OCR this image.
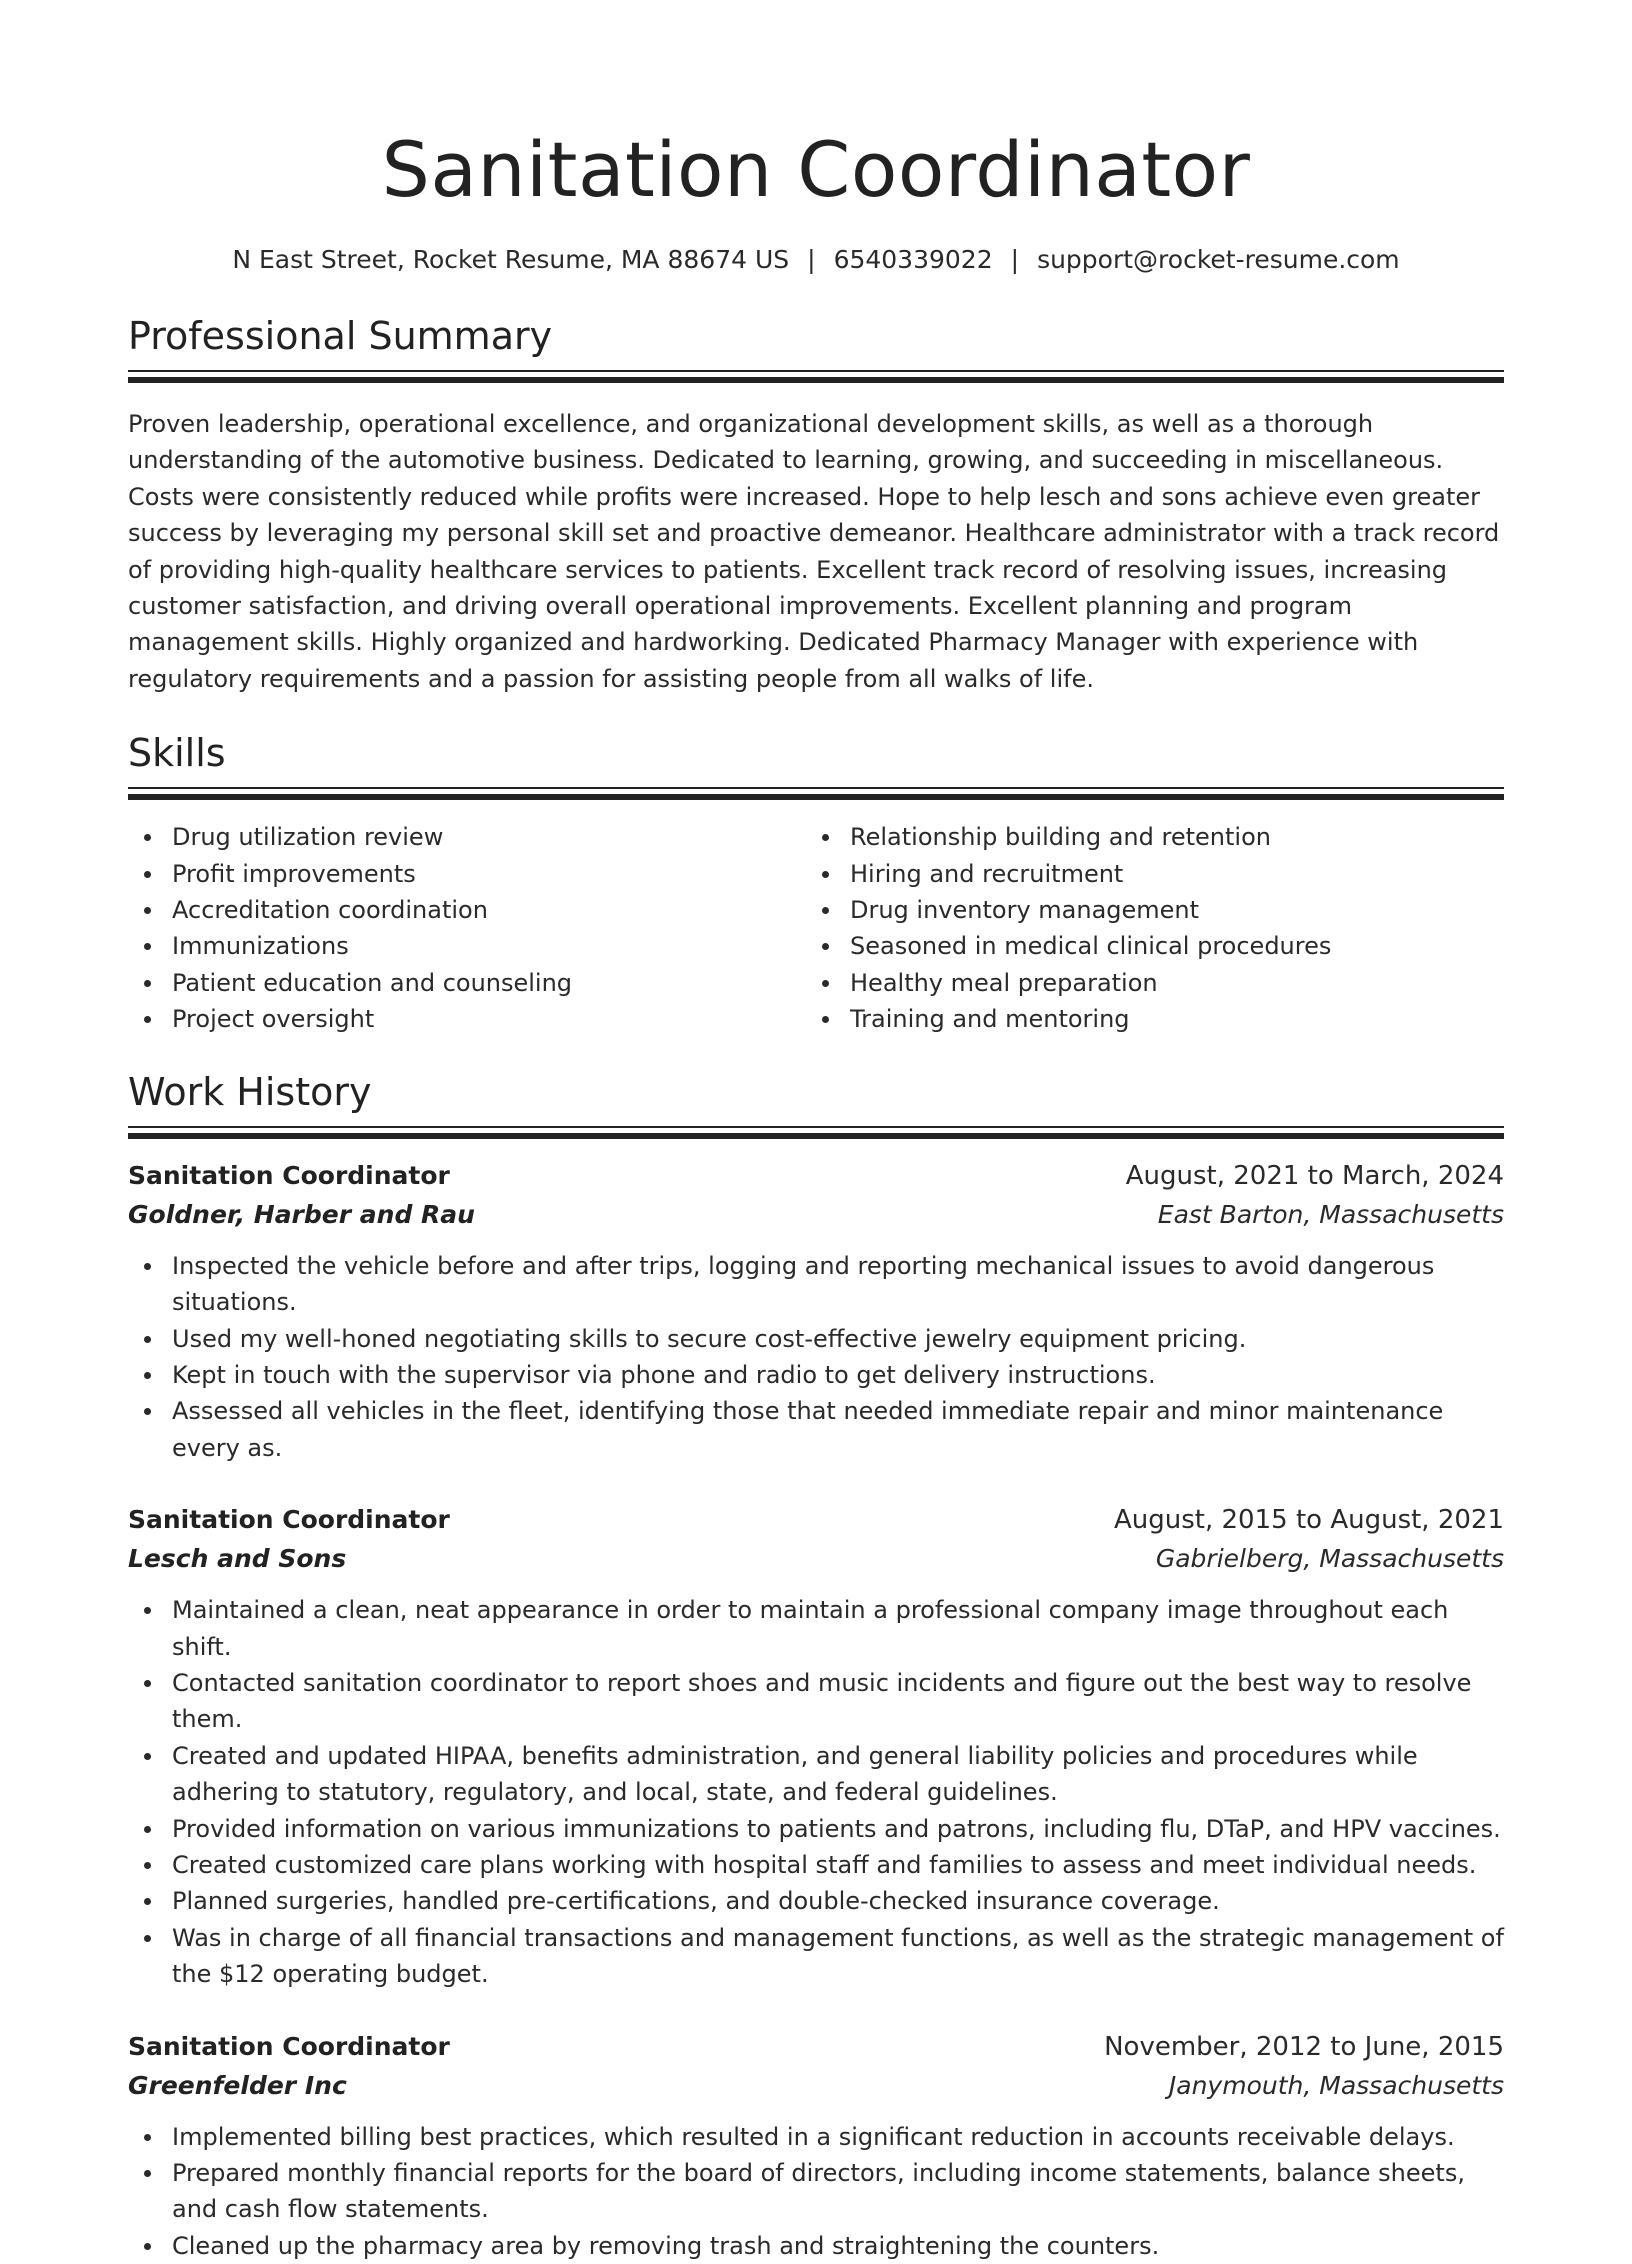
Sanitation Coordinator
N East Street, Rocket Resume, MA 88674 US | 6540339022 | support@rocket-resume.com
Professional Summary
Proven leadership, operational excellence, and organizational development skills, as well as a thorough understanding of the automotive business. Dedicated to learning, growing, and succeeding in miscellaneous. Costs were consistently reduced while profits were increased. Hope to help lesch and sons achieve even greater success by leveraging my personal skill set and proactive demeanor. Healthcare administrator with a track record of providing high-quality healthcare services to patients. Excellent track record of resolving issues, increasing customer satisfaction, and driving overall operational improvements. Excellent planning and program management skills. Highly organized and hardworking. Dedicated Pharmacy Manager with experience with regulatory requirements and a passion for assisting people from all walks of life.
Skills
Drug utilization review
Profit improvements
Accreditation coordination
Immunizations
Patient education and counseling
Project oversight
Relationship building and retention
Hiring and recruitment
Drug inventory management
Seasoned in medical clinical procedures
Healthy meal preparation
Training and mentoring
Work History
Sanitation Coordinator	August, 2021 to March, 2024
Goldner, Harber and Rau	East Barton, Massachusetts
Inspected the vehicle before and after trips, logging and reporting mechanical issues to avoid dangerous situations.
Used my well-honed negotiating skills to secure cost-effective jewelry equipment pricing.
Kept in touch with the supervisor via phone and radio to get delivery instructions.
Assessed all vehicles in the fleet, identifying those that needed immediate repair and minor maintenance every as.
Sanitation Coordinator	August, 2015 to August, 2021
Lesch and Sons	Gabrielberg, Massachusetts
Maintained a clean, neat appearance in order to maintain a professional company image throughout each shift.
Contacted sanitation coordinator to report shoes and music incidents and figure out the best way to resolve them.
Created and updated HIPAA, benefits administration, and general liability policies and procedures while adhering to statutory, regulatory, and local, state, and federal guidelines.
Provided information on various immunizations to patients and patrons, including flu, DTaP, and HPV vaccines.
Created customized care plans working with hospital staff and families to assess and meet individual needs.
Planned surgeries, handled pre-certifications, and double-checked insurance coverage.
Was in charge of all financial transactions and management functions, as well as the strategic management of the $12 operating budget.
Sanitation Coordinator	November, 2012 to June, 2015
Greenfelder Inc	Janymouth, Massachusetts
Implemented billing best practices, which resulted in a significant reduction in accounts receivable delays.
Prepared monthly financial reports for the board of directors, including income statements, balance sheets, and cash flow statements.
Cleaned up the pharmacy area by removing trash and straightening the counters.
